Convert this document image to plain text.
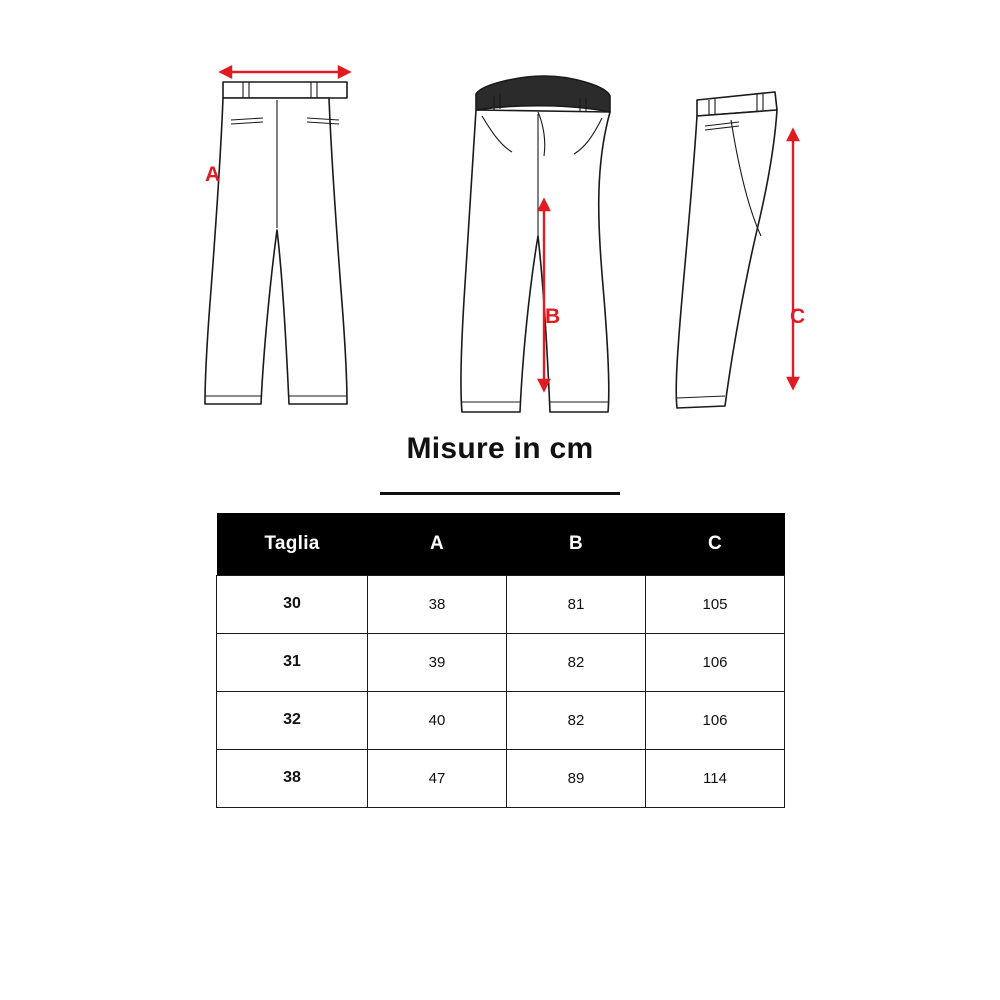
A
B	C
Misure in cm
Taglia	A	B	C
30	38	81	105
31	39	82	106
32	40	82	106
38	47	89	114
